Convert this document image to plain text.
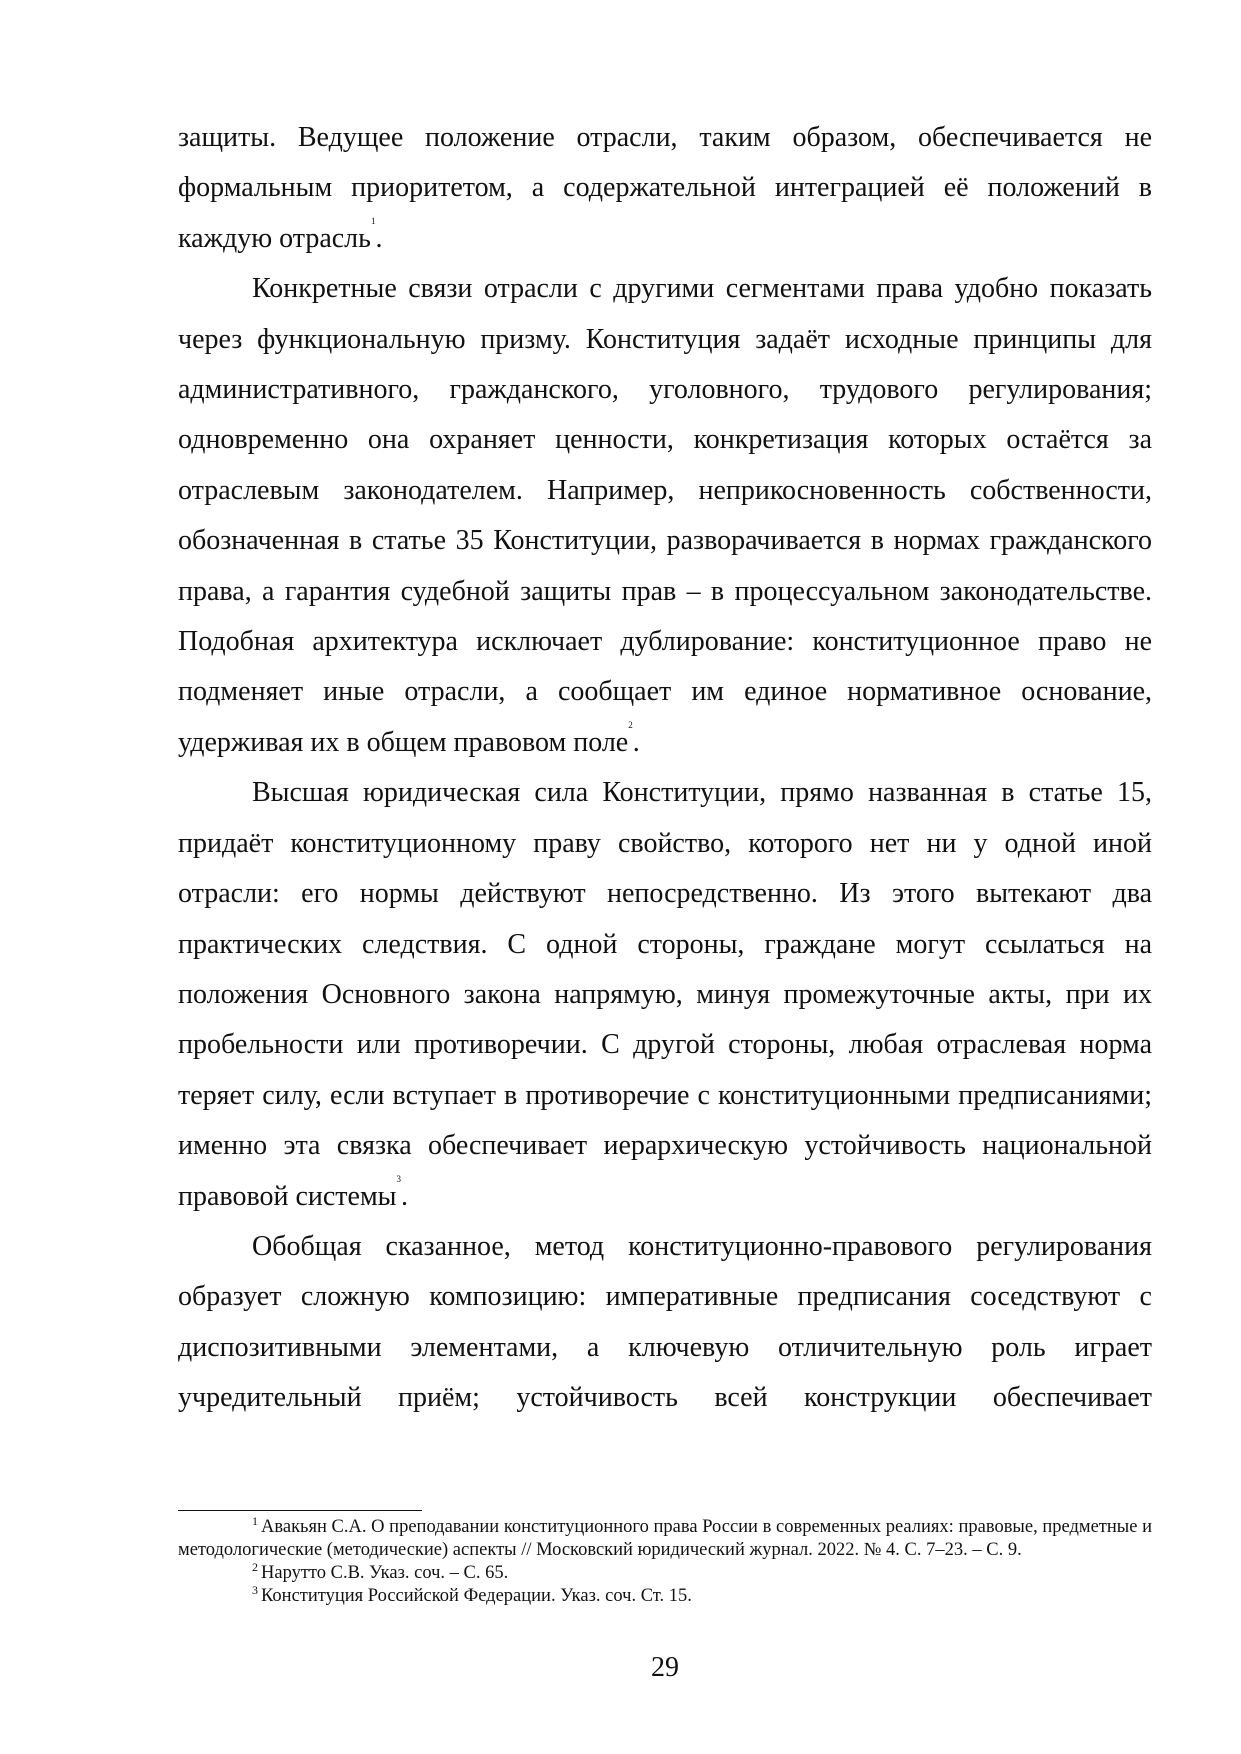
защиты. Ведущее положение отрасли, таким образом, обеспечивается не формальным приоритетом, а содержательной интеграцией её положений в каждую отрасль$^1$.

Конкретные связи отрасли с другими сегментами права удобно показать через функциональную призму. Конституция задаёт исходные принципы для административного, гражданского, уголовного, трудового регулирования; одновременно она охраняет ценности, конкретизация которых остаётся за отраслевым законодателем. Например, неприкосновенность собственности, обозначенная в статье 35 Конституции, разворачивается в нормах гражданского права, а гарантия судебной защиты прав – в процессуальном законодательстве. Подобная архитектура исключает дублирование: конституционное право не подменяет иные отрасли, а сообщает им единое нормативное основание, удерживая их в общем правовом поле$^2$.

Высшая юридическая сила Конституции, прямо названная в статье 15, придаёт конституционному праву свойство, которого нет ни у одной иной отрасли: его нормы действуют непосредственно. Из этого вытекают два практических следствия. С одной стороны, граждане могут ссылаться на положения Основного закона напрямую, минуя промежуточные акты, при их пробельности или противоречии. С другой стороны, любая отраслевая норма теряет силу, если вступает в противоречие с конституционными предписаниями; именно эта связка обеспечивает иерархическую устойчивость национальной правовой системы$^3$.

Обобщая сказанное, метод конституционно-правового регулирования образует сложную композицию: императивные предписания соседствуют с диспозитивными элементами, а ключевую отличительную роль играет учредительный приём; устойчивость всей конструкции обеспечивает

$^1$ Авакьян С.А. О преподавании конституционного права России в современных реалиях: правовые, предметные и методологические (методические) аспекты // Московский юридический журнал. 2022. № 4. С. 7–23. – С. 9.

$^2$ Нарутто С.В. Указ. соч. – С. 65.

$^3$ Конституция Российской Федерации. Указ. соч. Ст. 15.

29
